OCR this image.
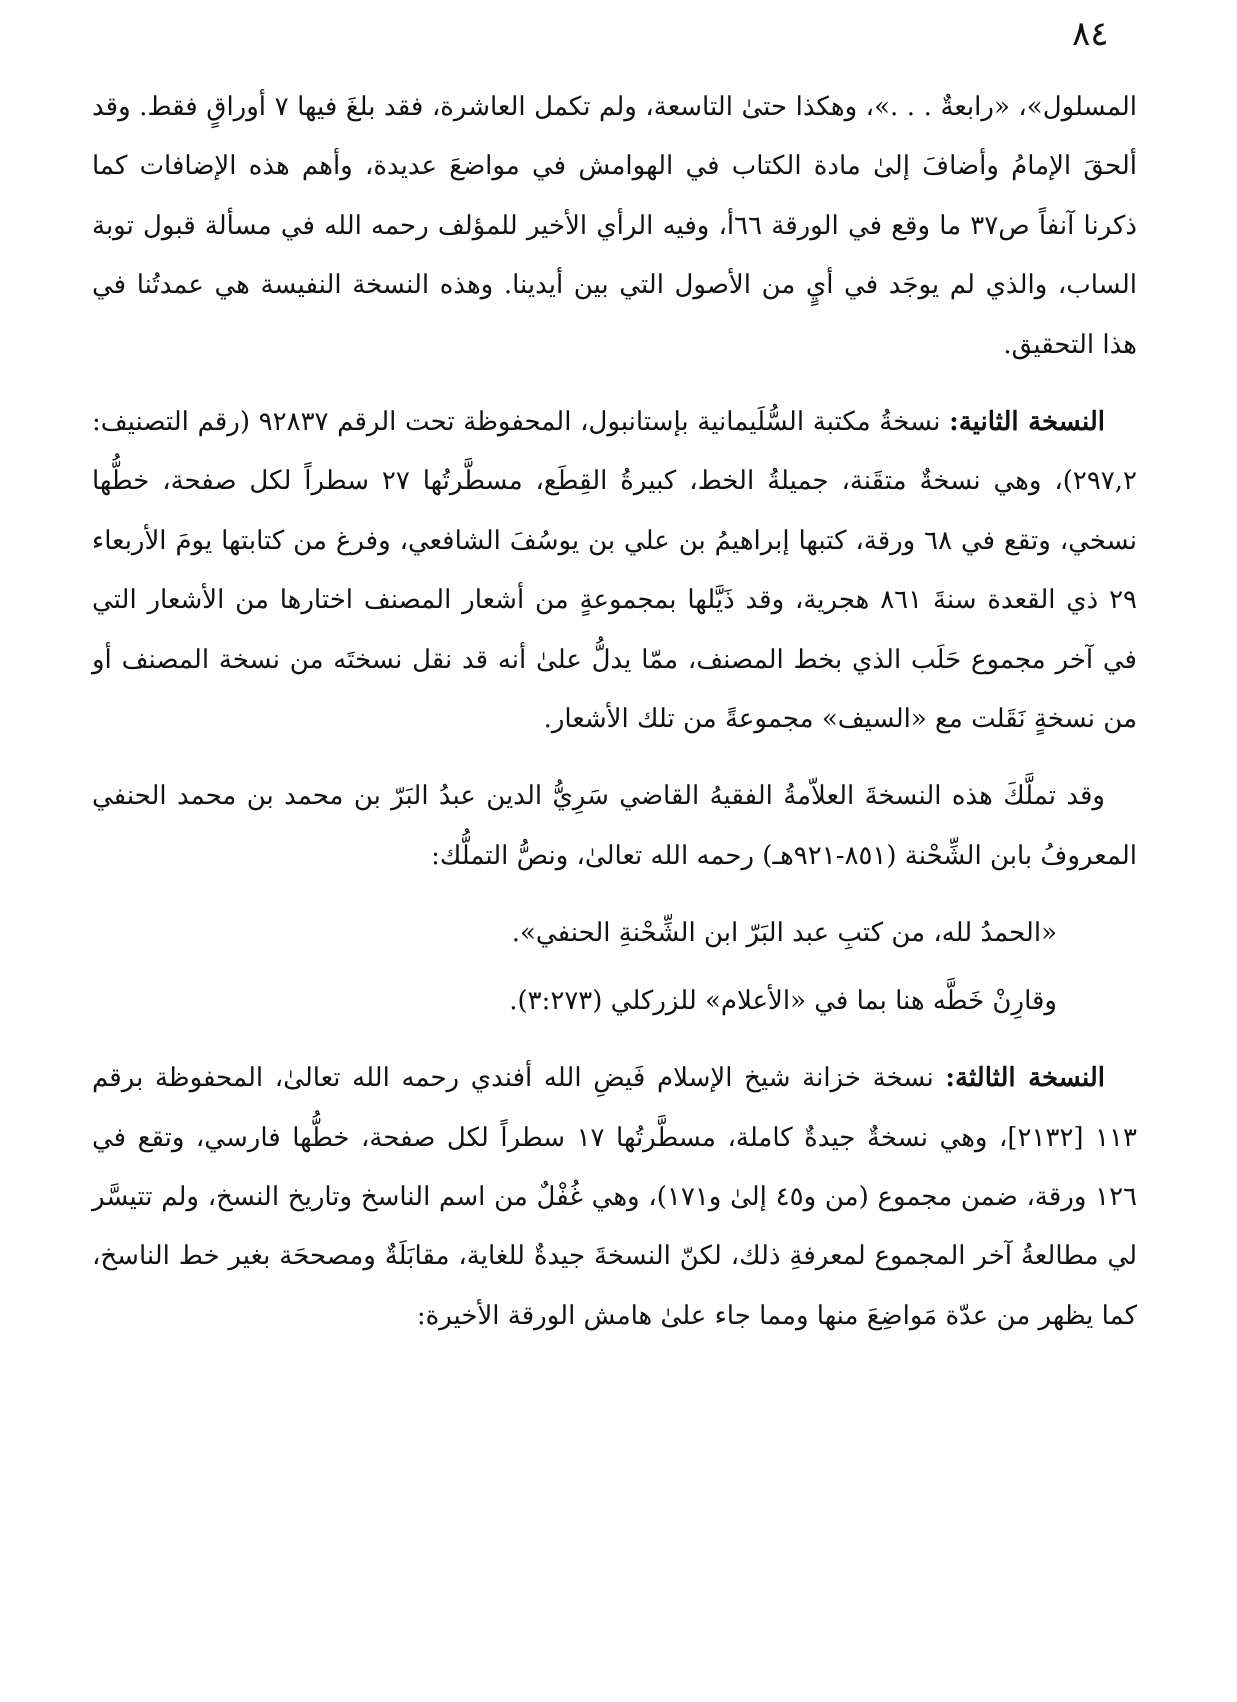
٨٤

المسلول»، «رابعةٌ . . .»، وهكذا حتىٰ التاسعة، ولم تكمل العاشرة، فقد بلغَ فيها ٧ أوراقٍ فقط. وقد ألحقَ الإمامُ وأضافَ إلىٰ مادة الكتاب في الهوامش في مواضعَ عديدة، وأهم هذه الإضافات كما ذكرنا آنفاً ص٣٧ ما وقع في الورقة ٦٦أ، وفيه الرأي الأخير للمؤلف رحمه الله في مسألة قبول توبة الساب، والذي لم يوجَد في أيٍ من الأصول التي بين أيدينا. وهذه النسخة النفيسة هي عمدتُنا في هذا التحقيق.

النسخة الثانية: نسخةُ مكتبة السُّلَيمانية بإستانبول، المحفوظة تحت الرقم ٩٢٨٣٧ (رقم التصنيف: ٢٩٧,٢)، وهي نسخةٌ متقَنة، جميلةُ الخط، كبيرةُ القِطَع، مسطَّرتُها ٢٧ سطراً لكل صفحة، خطُّها نسخي، وتقع في ٦٨ ورقة، كتبها إبراهيمُ بن علي بن يوسُفَ الشافعي، وفرغ من كتابتها يومَ الأربعاء ٢٩ ذي القعدة سنةَ ٨٦١ هجرية، وقد ذَيَّلها بمجموعةٍ من أشعار المصنف اختارها من الأشعار التي في آخر مجموع حَلَب الذي بخط المصنف، ممّا يدلُّ علىٰ أنه قد نقل نسختَه من نسخة المصنف أو من نسخةٍ نَقَلت مع «السيف» مجموعةً من تلك الأشعار.

وقد تملَّكَ هذه النسخةَ العلاّمةُ الفقيهُ القاضي سَرِيُّ الدين عبدُ البَرّ بن محمد بن محمد الحنفي المعروفُ بابن الشِّحْنة (٨٥١-٩٢١هـ) رحمه الله تعالىٰ، ونصُّ التملُّك:

«الحمدُ لله، من كتبِ عبد البَرّ ابن الشِّحْنةِ الحنفي».

وقارِنْ خَطَّه هنا بما في «الأعلام» للزركلي (٣:٢٧٣).

النسخة الثالثة: نسخة خزانة شيخ الإسلام فَيضِ الله أفندي رحمه الله تعالىٰ، المحفوظة برقم ١١٣ [٢١٣٢]، وهي نسخةٌ جيدةٌ كاملة، مسطَّرتُها ١٧ سطراً لكل صفحة، خطُّها فارسي، وتقع في ١٢٦ ورقة، ضمن مجموع (من و٤٥ إلىٰ و١٧١)، وهي غُفْلٌ من اسم الناسخ وتاريخ النسخ، ولم تتيسَّر لي مطالعةُ آخر المجموع لمعرفةِ ذلك، لكنّ النسخةَ جيدةٌ للغاية، مقابَلَةٌ ومصححَة بغير خط الناسخ، كما يظهر من عدّة مَواضِعَ منها ومما جاء علىٰ هامش الورقة الأخيرة:
